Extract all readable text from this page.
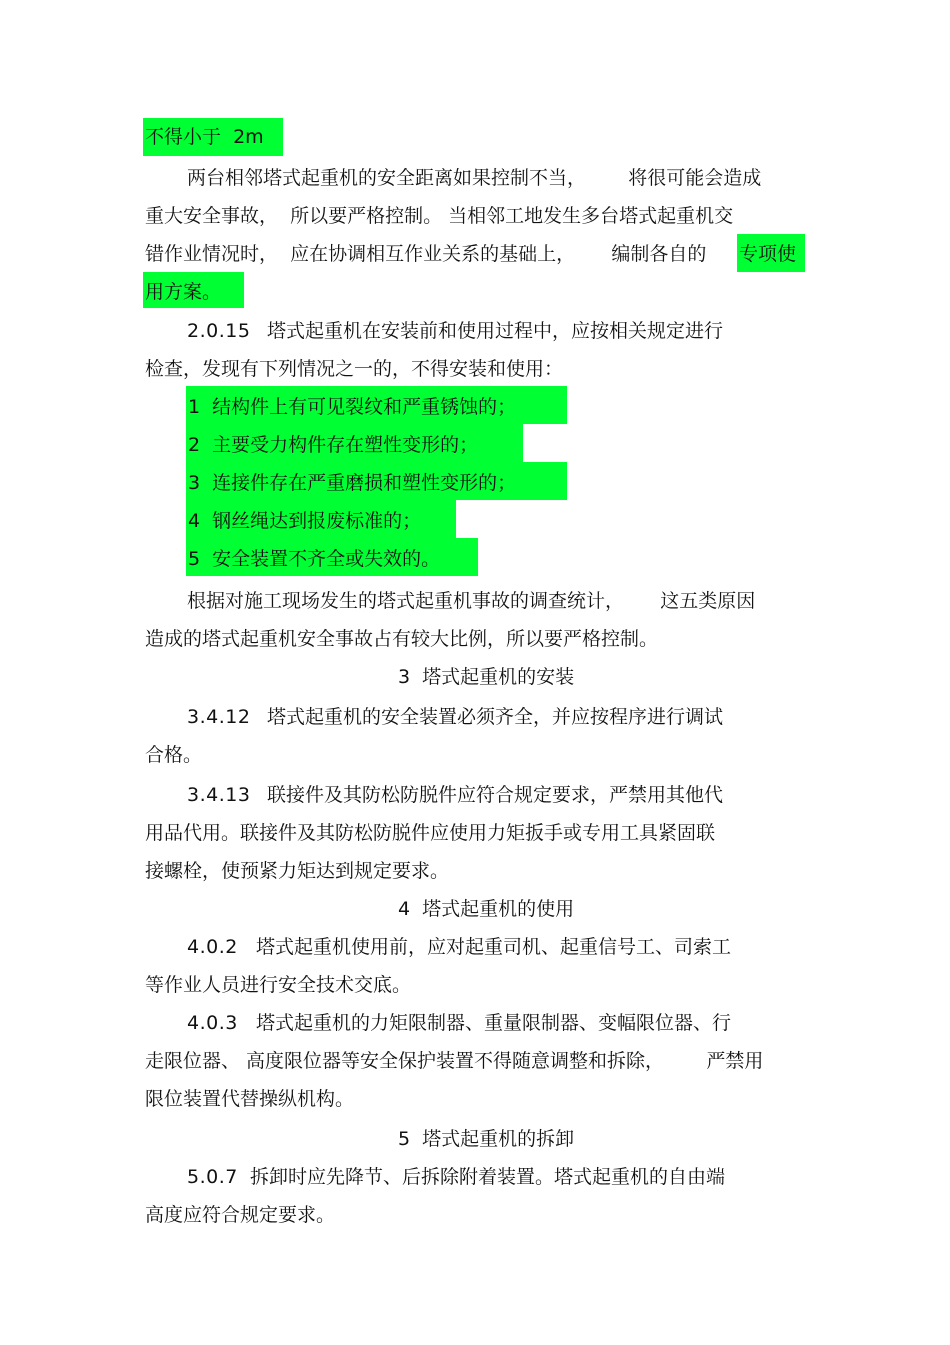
不得小于  2m
两台相邻塔式起重机的安全距离如果控制不当，       将很可能会造成
重大安全事故，  所以要严格控制。 当相邻工地发生多台塔式起重机交
错作业情况时，  应在协调相互作业关系的基础上，      编制各自的 专项使
用方案。
2.0.15 塔式起重机在安装前和使用过程中，应按相关规定进行
检查，发现有下列情况之一的，不得安装和使用：
1  结构件上有可见裂纹和严重锈蚀的；
2  主要受力构件存在塑性变形的；
3  连接件存在严重磨损和塑性变形的；
4  钢丝绳达到报废标准的；
5  安全装置不齐全或失效的。
根据对施工现场发生的塔式起重机事故的调查统计，      这五类原因
造成的塔式起重机安全事故占有较大比例，所以要严格控制。
3  塔式起重机的安装
3.4.12 塔式起重机的安全装置必须齐全，并应按程序进行调试
合格。
3.4.13 联接件及其防松防脱件应符合规定要求，严禁用其他代
用品代用。联接件及其防松防脱件应使用力矩扳手或专用工具紧固联
接螺栓，使预紧力矩达到规定要求。
4  塔式起重机的使用
4.0.2 塔式起重机使用前，应对起重司机、起重信号工、司索工
等作业人员进行安全技术交底。
4.0.3 塔式起重机的力矩限制器、重量限制器、变幅限位器、行
走限位器、 高度限位器等安全保护装置不得随意调整和拆除，       严禁用
限位装置代替操纵机构。
5  塔式起重机的拆卸
5.0.7 拆卸时应先降节、后拆除附着装置。塔式起重机的自由端
高度应符合规定要求。
